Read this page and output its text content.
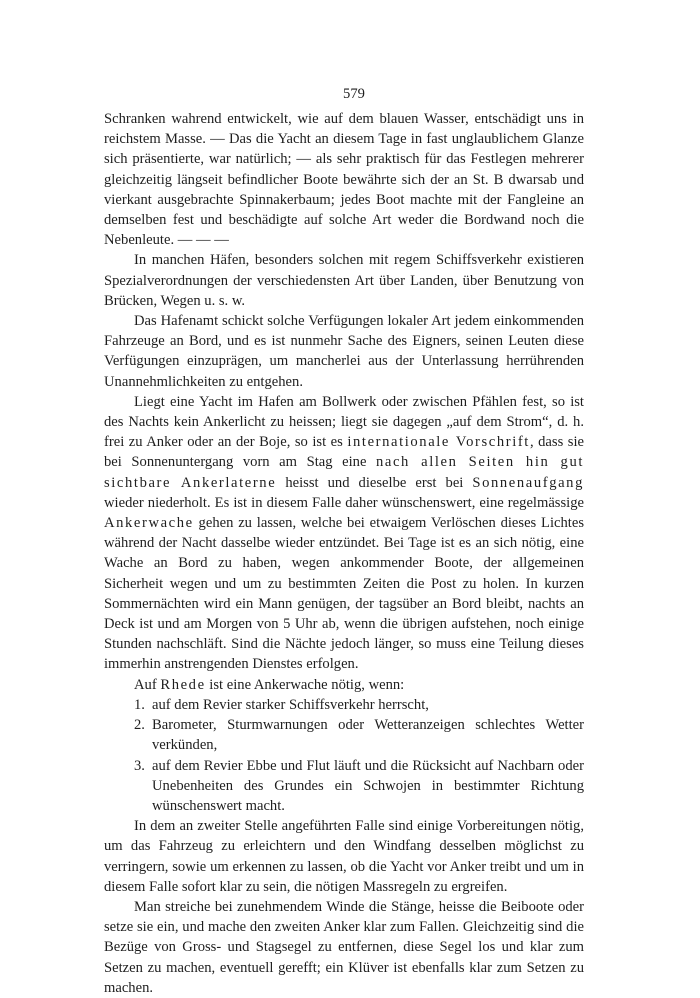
579

Schranken wahrend entwickelt, wie auf dem blauen Wasser, entschädigt uns in reichstem Masse. — Das die Yacht an diesem Tage in fast unglaublichem Glanze sich präsentierte, war natürlich; — als sehr praktisch für das Festlegen mehrerer gleichzeitig längseit befindlicher Boote bewährte sich der an St. B dwarsab und vierkant ausgebrachte Spinnakerbaum; jedes Boot machte mit der Fangleine an demselben fest und beschädigte auf solche Art weder die Bordwand noch die Nebenleute. — — —

In manchen Häfen, besonders solchen mit regem Schiffsverkehr existieren Spezialverordnungen der verschiedensten Art über Landen, über Benutzung von Brücken, Wegen u. s. w.

Das Hafenamt schickt solche Verfügungen lokaler Art jedem einkommenden Fahrzeuge an Bord, und es ist nunmehr Sache des Eigners, seinen Leuten diese Verfügungen einzuprägen, um mancherlei aus der Unterlassung herrührenden Unannehmlichkeiten zu entgehen.

Liegt eine Yacht im Hafen am Bollwerk oder zwischen Pfählen fest, so ist des Nachts kein Ankerlicht zu heissen; liegt sie dagegen „auf dem Strom“, d. h. frei zu Anker oder an der Boje, so ist es internationale Vorschrift, dass sie bei Sonnenuntergang vorn am Stag eine nach allen Seiten hin gut sichtbare Ankerlaterne heisst und dieselbe erst bei Sonnenaufgang wieder niederholt. Es ist in diesem Falle daher wünschenswert, eine regelmässige Ankerwache gehen zu lassen, welche bei etwaigem Verlöschen dieses Lichtes während der Nacht dasselbe wieder entzündet. Bei Tage ist es an sich nötig, eine Wache an Bord zu haben, wegen ankommender Boote, der allgemeinen Sicherheit wegen und um zu bestimmten Zeiten die Post zu holen. In kurzen Sommernächten wird ein Mann genügen, der tagsüber an Bord bleibt, nachts an Deck ist und am Morgen von 5 Uhr ab, wenn die übrigen aufstehen, noch einige Stunden nachschläft. Sind die Nächte jedoch länger, so muss eine Teilung dieses immerhin anstrengenden Dienstes erfolgen.

Auf Rhede ist eine Ankerwache nötig, wenn:

1. auf dem Revier starker Schiffsverkehr herrscht,
2. Barometer, Sturmwarnungen oder Wetteranzeigen schlechtes Wetter verkünden,
3. auf dem Revier Ebbe und Flut läuft und die Rücksicht auf Nachbarn oder Unebenheiten des Grundes ein Schwojen in bestimmter Richtung wünschenswert macht.

In dem an zweiter Stelle angeführten Falle sind einige Vorbereitungen nötig, um das Fahrzeug zu erleichtern und den Windfang desselben möglichst zu verringern, sowie um erkennen zu lassen, ob die Yacht vor Anker treibt und um in diesem Falle sofort klar zu sein, die nötigen Massregeln zu ergreifen.

Man streiche bei zunehmendem Winde die Stänge, heisse die Beiboote oder setze sie ein, und mache den zweiten Anker klar zum Fallen. Gleichzeitig sind die Bezüge von Gross- und Stagsegel zu entfernen, diese Segel los und klar zum Setzen zu machen, eventuell gerefft; ein Klüver ist ebenfalls klar zum Setzen zu machen.
